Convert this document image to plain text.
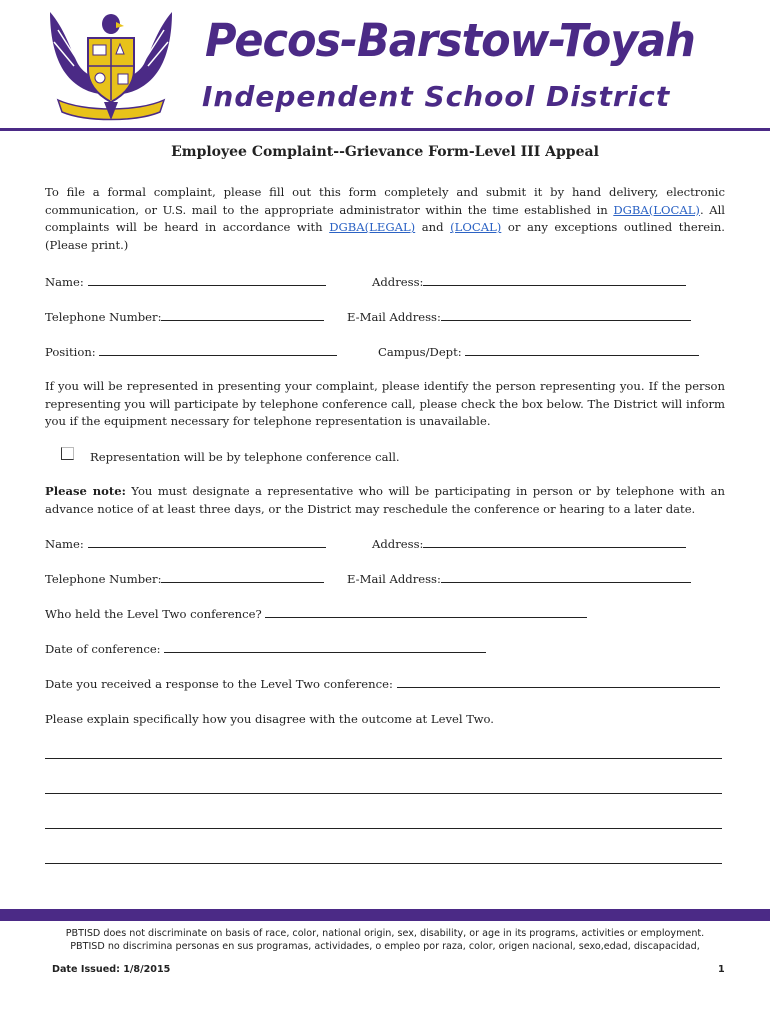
Pecos-Barstow-Toyah
Independent School District
Employee Complaint--Grievance Form-Level III Appeal
To file a formal complaint, please fill out this form completely and submit it by hand delivery, electronic communication, or U.S. mail to the appropriate administrator within the time established in DGBA(LOCAL). All complaints will be heard in accordance with DGBA(LEGAL) and (LOCAL) or any exceptions outlined therein. (Please print.)
Name:	Address:
Telephone Number:	E-Mail Address:
Position:	Campus/Dept:
If you will be represented in presenting your complaint, please identify the person representing you. If the person representing you will participate by telephone conference call, please check the box below. The District will inform you if the equipment necessary for telephone representation is unavailable.
Representation will be by telephone conference call.
Please note: You must designate a representative who will be participating in person or by telephone with an advance notice of at least three days, or the District may reschedule the conference or hearing to a later date.
Name:	Address:
Telephone Number:	E-Mail Address:
Who held the Level Two conference?
Date of conference:
Date you received a response to the Level Two conference:
Please explain specifically how you disagree with the outcome at Level Two.
PBTISD does not discriminate on basis of race, color, national origin, sex, disability, or age in its programs, activities or employment.
PBTISD no discrimina personas en sus programas, actividades, o empleo por raza, color, origen nacional, sexo,edad, discapacidad,
Date Issued: 1/8/2015	1
